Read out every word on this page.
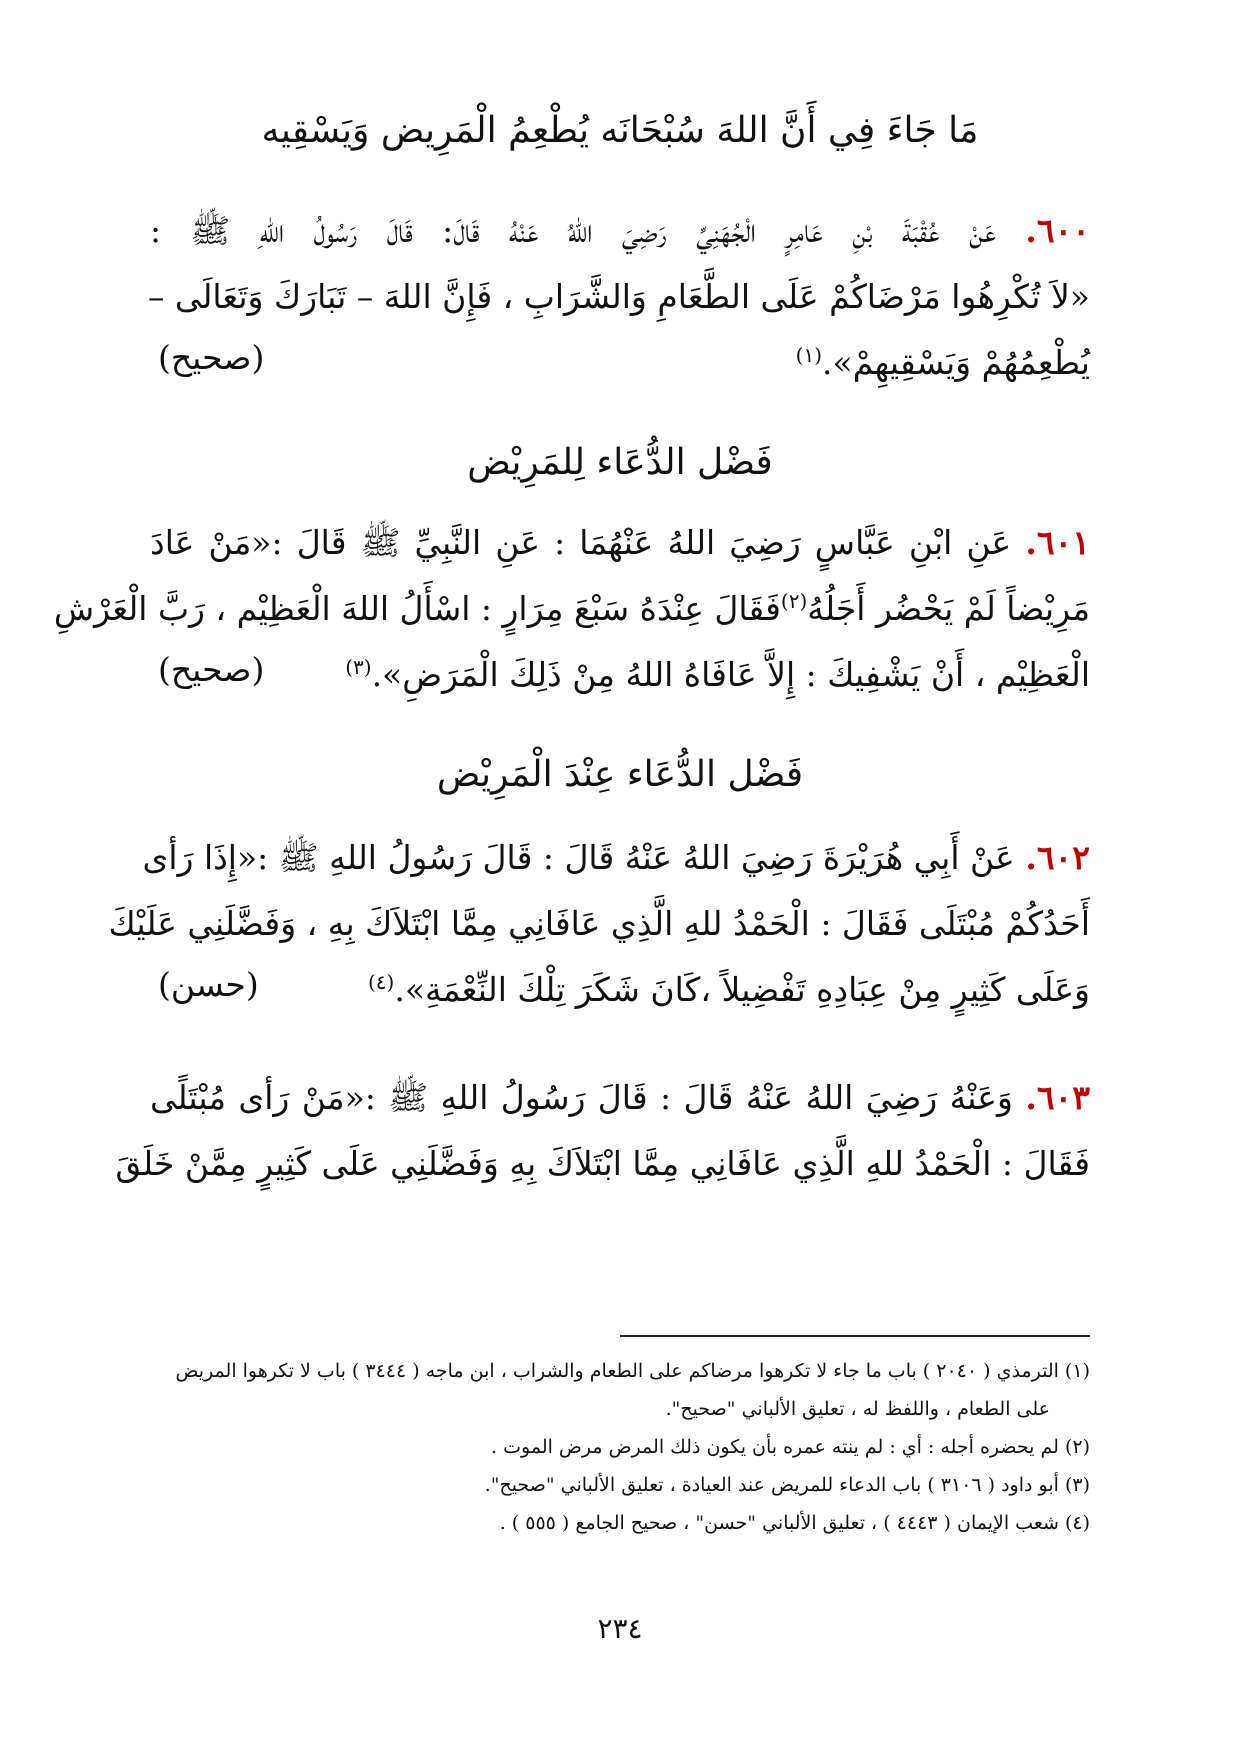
مَا جَاءَ فِي أَنَّ اللهَ سُبْحَانَه يُطْعِمُ الْمَرِيض وَيَسْقِيه
٦٠٠. عَنْ عُقْبَةَ بْنِ عَامِرٍ الْجُهَنِيِّ رَضِيَ اللهُ عَنْهُ قَالَ: قَالَ رَسُولُ اللهِ ﷺ :
«لاَ تُكْرِهُوا مَرْضَاكُمْ عَلَى الطَّعَامِ وَالشَّرَابِ ، فَإِنَّ اللهَ – تَبَارَكَ وَتَعَالَى –
يُطْعِمُهُمْ وَيَسْقِيهِمْ».$^{(١)}$
(صحيح)
فَضْل الدُّعَاء لِلمَرِيْض
٦٠١. عَنِ ابْنِ عَبَّاسٍ رَضِيَ اللهُ عَنْهُمَا : عَنِ النَّبِيِّ ﷺ قَالَ :«مَنْ عَادَ
مَرِيْضاً لَمْ يَحْضُر أَجَلُهُ$^{(٢)}$فَقَالَ عِنْدَهُ سَبْعَ مِرَارٍ : اسْأَلُ اللهَ الْعَظِيْم ، رَبَّ الْعَرْشِ
الْعَظِيْم ، أَنْ يَشْفِيكَ : إِلاَّ عَافَاهُ اللهُ مِنْ ذَلِكَ الْمَرَضِ».$^{(٣)}$
(صحيح)
فَضْل الدُّعَاء عِنْدَ الْمَرِيْض
٦٠٢. عَنْ أَبِي هُرَيْرَةَ رَضِيَ اللهُ عَنْهُ قَالَ : قَالَ رَسُولُ اللهِ ﷺ :«إِذَا رَأى
أَحَدُكُمْ مُبْتَلَى فَقَالَ : الْحَمْدُ للهِ الَّذِي عَافَانِي مِمَّا ابْتَلاَكَ بِهِ ، وَفَضَّلَنِي عَلَيْكَ
وَعَلَى كَثِيرٍ مِنْ عِبَادِهِ تَفْضِيلاً ،كَانَ شَكَرَ تِلْكَ النِّعْمَةِ».$^{(٤)}$
(حسن)
٦٠٣. وَعَنْهُ رَضِيَ اللهُ عَنْهُ قَالَ : قَالَ رَسُولُ اللهِ ﷺ :«مَنْ رَأى مُبْتَلًى
فَقَالَ : الْحَمْدُ للهِ الَّذِي عَافَانِي مِمَّا ابْتَلاَكَ بِهِ وَفَضَّلَنِي عَلَى كَثِيرٍ مِمَّنْ خَلَقَ
(١) الترمذي ( ٢٠٤٠ ) باب ما جاء لا تكرهوا مرضاكم على الطعام والشراب ، ابن ماجه ( ٣٤٤٤ ) باب لا تكرهوا المريض
على الطعام ، واللفظ له ، تعليق الألباني "صحيح".
(٢) لم يحضره أجله : أي : لم ينته عمره بأن يكون ذلك المرض مرض الموت .
(٣) أبو داود ( ٣١٠٦ ) باب الدعاء للمريض عند العيادة ، تعليق الألباني "صحيح".
(٤) شعب الإيمان ( ٤٤٤٣ ) ، تعليق الألباني "حسن" ، صحيح الجامع ( ٥٥٥ ) .
٢٣٤
